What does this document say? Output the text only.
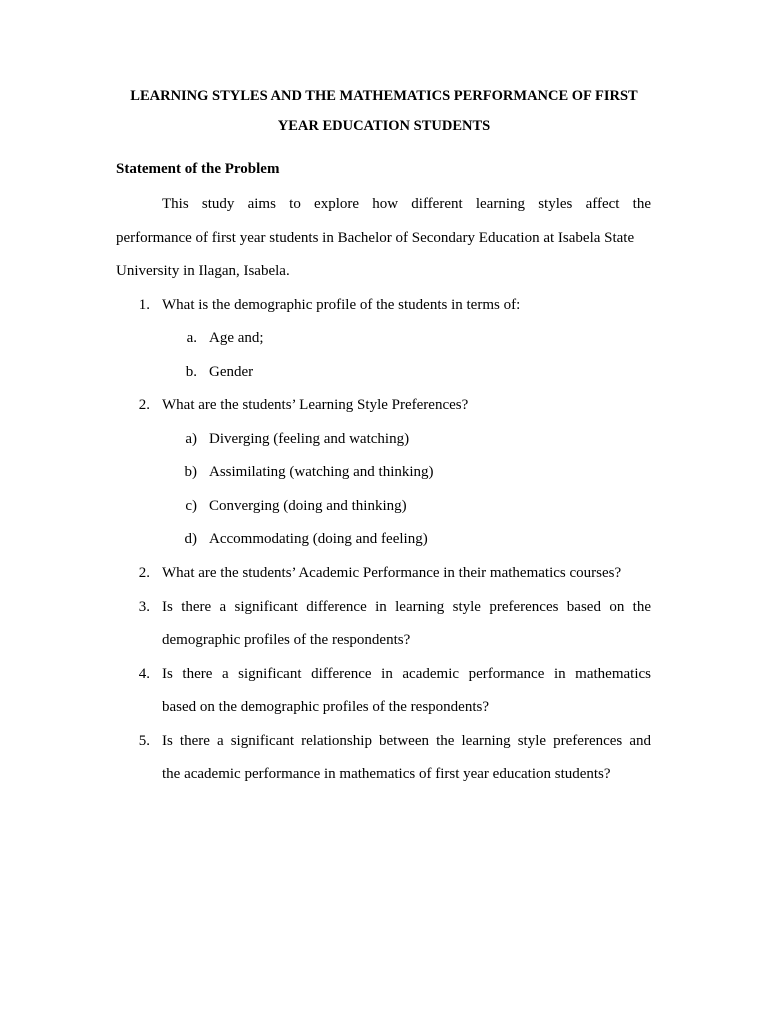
LEARNING STYLES AND THE MATHEMATICS PERFORMANCE OF FIRST
YEAR EDUCATION STUDENTS
Statement of the Problem
This study aims to explore how different learning styles affect the
performance of first year students in Bachelor of Secondary Education at Isabela State
University in Ilagan, Isabela.
1. What is the demographic profile of the students in terms of:
a. Age and;
b. Gender
2. What are the students’ Learning Style Preferences?
a) Diverging (feeling and watching)
b) Assimilating (watching and thinking)
c) Converging (doing and thinking)
d) Accommodating (doing and feeling)
2. What are the students’ Academic Performance in their mathematics courses?
3. Is there a significant difference in learning style preferences based on the
demographic profiles of the respondents?
4. Is there a significant difference in academic performance in mathematics
based on the demographic profiles of the respondents?
5. Is there a significant relationship between the learning style preferences and
the academic performance in mathematics of first year education students?
